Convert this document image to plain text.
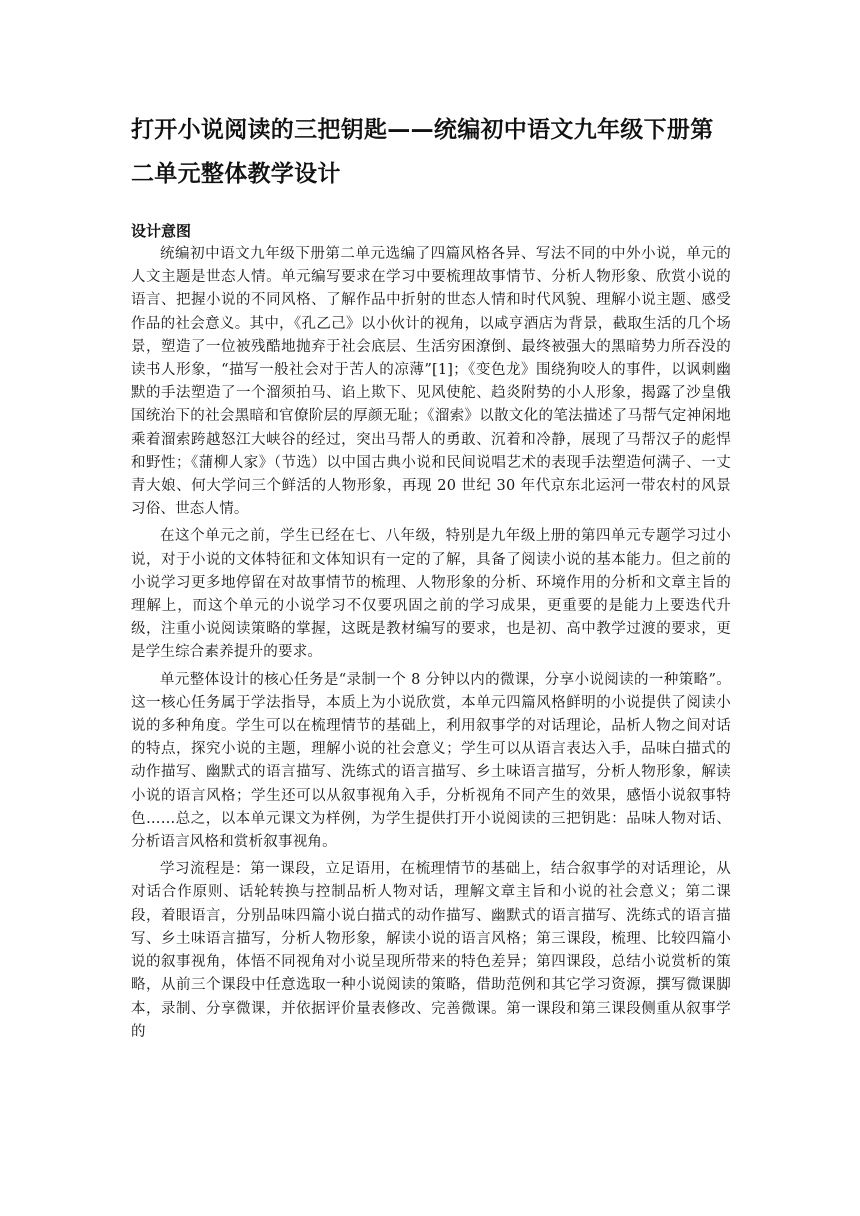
打开小说阅读的三把钥匙——统编初中语文九年级下册第二单元整体教学设计
设计意图

统编初中语文九年级下册第二单元选编了四篇风格各异、写法不同的中外小说，单元的人文主题是世态人情。单元编写要求在学习中要梳理故事情节、分析人物形象、欣赏小说的语言、把握小说的不同风格、了解作品中折射的世态人情和时代风貌、理解小说主题、感受作品的社会意义。其中，《孔乙己》以小伙计的视角，以咸亨酒店为背景，截取生活的几个场景，塑造了一位被残酷地抛弃于社会底层、生活穷困潦倒、最终被强大的黑暗势力所吞没的读书人形象，“描写一般社会对于苦人的凉薄”[1]；《变色龙》围绕狗咬人的事件，以讽刺幽默的手法塑造了一个溜须拍马、谄上欺下、见风使舵、趋炎附势的小人形象，揭露了沙皇俄国统治下的社会黑暗和官僚阶层的厚颜无耻；《溜索》以散文化的笔法描述了马帮气定神闲地乘着溜索跨越怒江大峡谷的经过，突出马帮人的勇敢、沉着和冷静，展现了马帮汉子的彪悍和野性；《蒲柳人家》（节选）以中国古典小说和民间说唱艺术的表现手法塑造何满子、一丈青大娘、何大学问三个鲜活的人物形象，再现 20 世纪 30 年代京东北运河一带农村的风景习俗、世态人情。

在这个单元之前，学生已经在七、八年级，特别是九年级上册的第四单元专题学习过小说，对于小说的文体特征和文体知识有一定的了解，具备了阅读小说的基本能力。但之前的小说学习更多地停留在对故事情节的梳理、人物形象的分析、环境作用的分析和文章主旨的理解上，而这个单元的小说学习不仅要巩固之前的学习成果，更重要的是能力上要迭代升级，注重小说阅读策略的掌握，这既是教材编写的要求，也是初、高中教学过渡的要求，更是学生综合素养提升的要求。

单元整体设计的核心任务是“录制一个 8 分钟以内的微课，分享小说阅读的一种策略”。这一核心任务属于学法指导，本质上为小说欣赏，本单元四篇风格鲜明的小说提供了阅读小说的多种角度。学生可以在梳理情节的基础上，利用叙事学的对话理论，品析人物之间对话的特点，探究小说的主题，理解小说的社会意义；学生可以从语言表达入手，品味白描式的动作描写、幽默式的语言描写、洗练式的语言描写、乡土味语言描写，分析人物形象，解读小说的语言风格；学生还可以从叙事视角入手，分析视角不同产生的效果，感悟小说叙事特色……总之，以本单元课文为样例，为学生提供打开小说阅读的三把钥匙：品味人物对话、分析语言风格和赏析叙事视角。

学习流程是：第一课段，立足语用，在梳理情节的基础上，结合叙事学的对话理论，从对话合作原则、话轮转换与控制品析人物对话，理解文章主旨和小说的社会意义；第二课段，着眼语言，分别品味四篇小说白描式的动作描写、幽默式的语言描写、洗练式的语言描写、乡土味语言描写，分析人物形象，解读小说的语言风格；第三课段，梳理、比较四篇小说的叙事视角，体悟不同视角对小说呈现所带来的特色差异；第四课段，总结小说赏析的策略，从前三个课段中任意选取一种小说阅读的策略，借助范例和其它学习资源，撰写微课脚本，录制、分享微课，并依据评价量表修改、完善微课。第一课段和第三课段侧重从叙事学的
